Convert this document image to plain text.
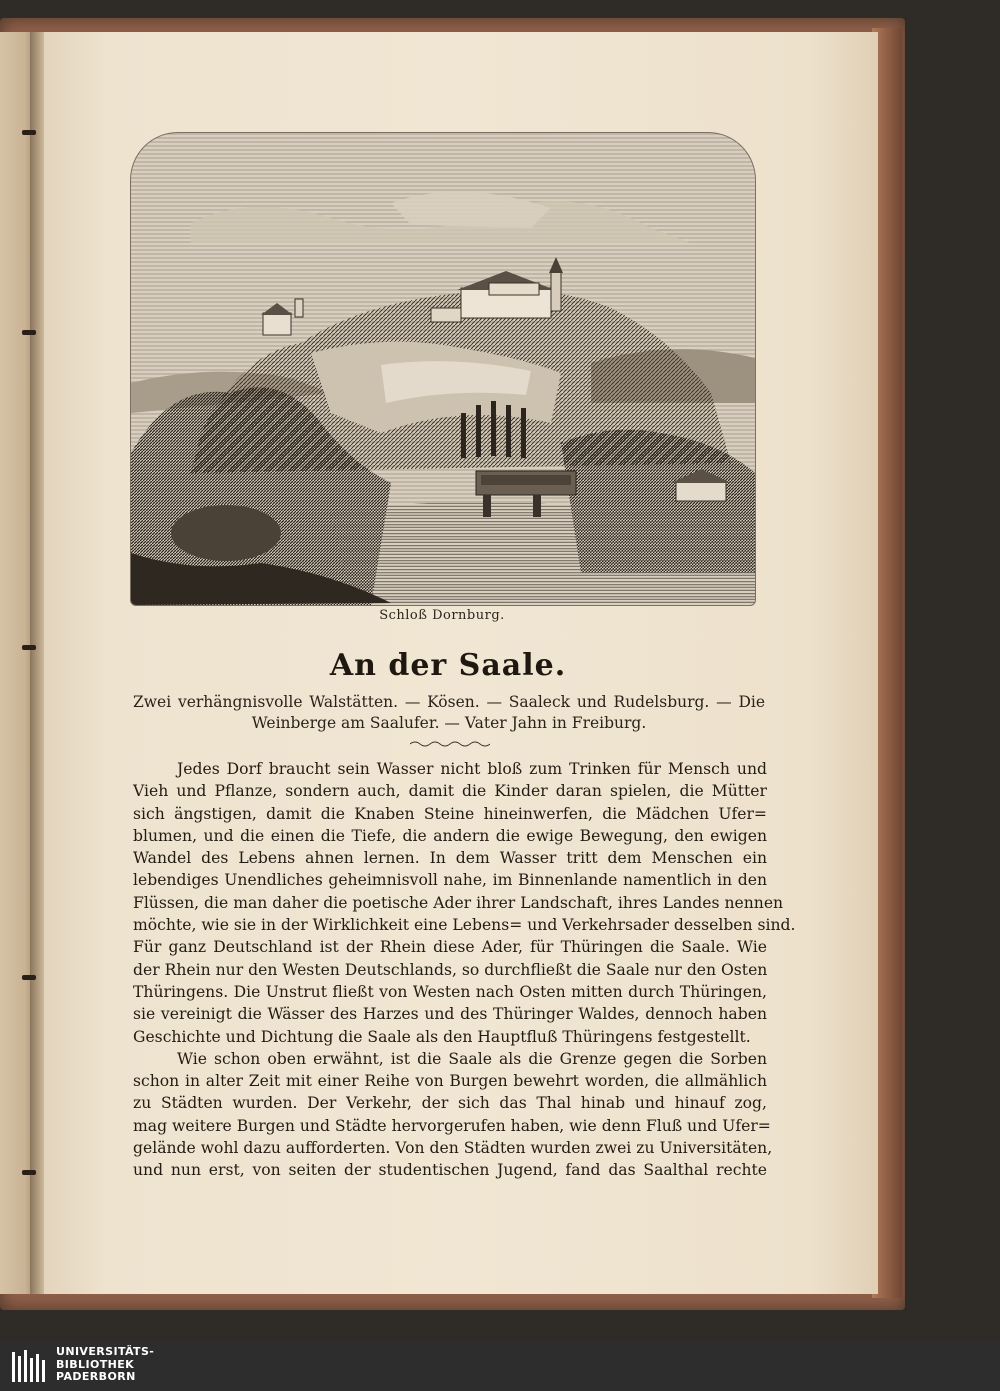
Schloß Dornburg.
An der Saale.
Zwei verhängnisvolle Walstätten. — Kösen. — Saaleck und Rudelsburg. — Die
Weinberge am Saalufer. — Vater Jahn in Freiburg.
Jedes Dorf braucht sein Wasser nicht bloß zum Trinken für Mensch und
Vieh und Pflanze, sondern auch, damit die Kinder daran spielen, die Mütter
sich ängstigen, damit die Knaben Steine hineinwerfen, die Mädchen Ufer=
blumen, und die einen die Tiefe, die andern die ewige Bewegung, den ewigen
Wandel des Lebens ahnen lernen. In dem Wasser tritt dem Menschen ein
lebendiges Unendliches geheimnisvoll nahe, im Binnenlande namentlich in den
Flüssen, die man daher die poetische Ader ihrer Landschaft, ihres Landes nennen
möchte, wie sie in der Wirklichkeit eine Lebens= und Verkehrsader desselben sind.
Für ganz Deutschland ist der Rhein diese Ader, für Thüringen die Saale. Wie
der Rhein nur den Westen Deutschlands, so durchfließt die Saale nur den Osten
Thüringens. Die Unstrut fließt von Westen nach Osten mitten durch Thüringen,
sie vereinigt die Wässer des Harzes und des Thüringer Waldes, dennoch haben
Geschichte und Dichtung die Saale als den Hauptfluß Thüringens festgestellt.
Wie schon oben erwähnt, ist die Saale als die Grenze gegen die Sorben
schon in alter Zeit mit einer Reihe von Burgen bewehrt worden, die allmählich
zu Städten wurden. Der Verkehr, der sich das Thal hinab und hinauf zog,
mag weitere Burgen und Städte hervorgerufen haben, wie denn Fluß und Ufer=
gelände wohl dazu aufforderten. Von den Städten wurden zwei zu Universitäten,
und nun erst, von seiten der studentischen Jugend, fand das Saalthal rechte
UNIVERSITÄTS-
BIBLIOTHEK
PADERBORN
